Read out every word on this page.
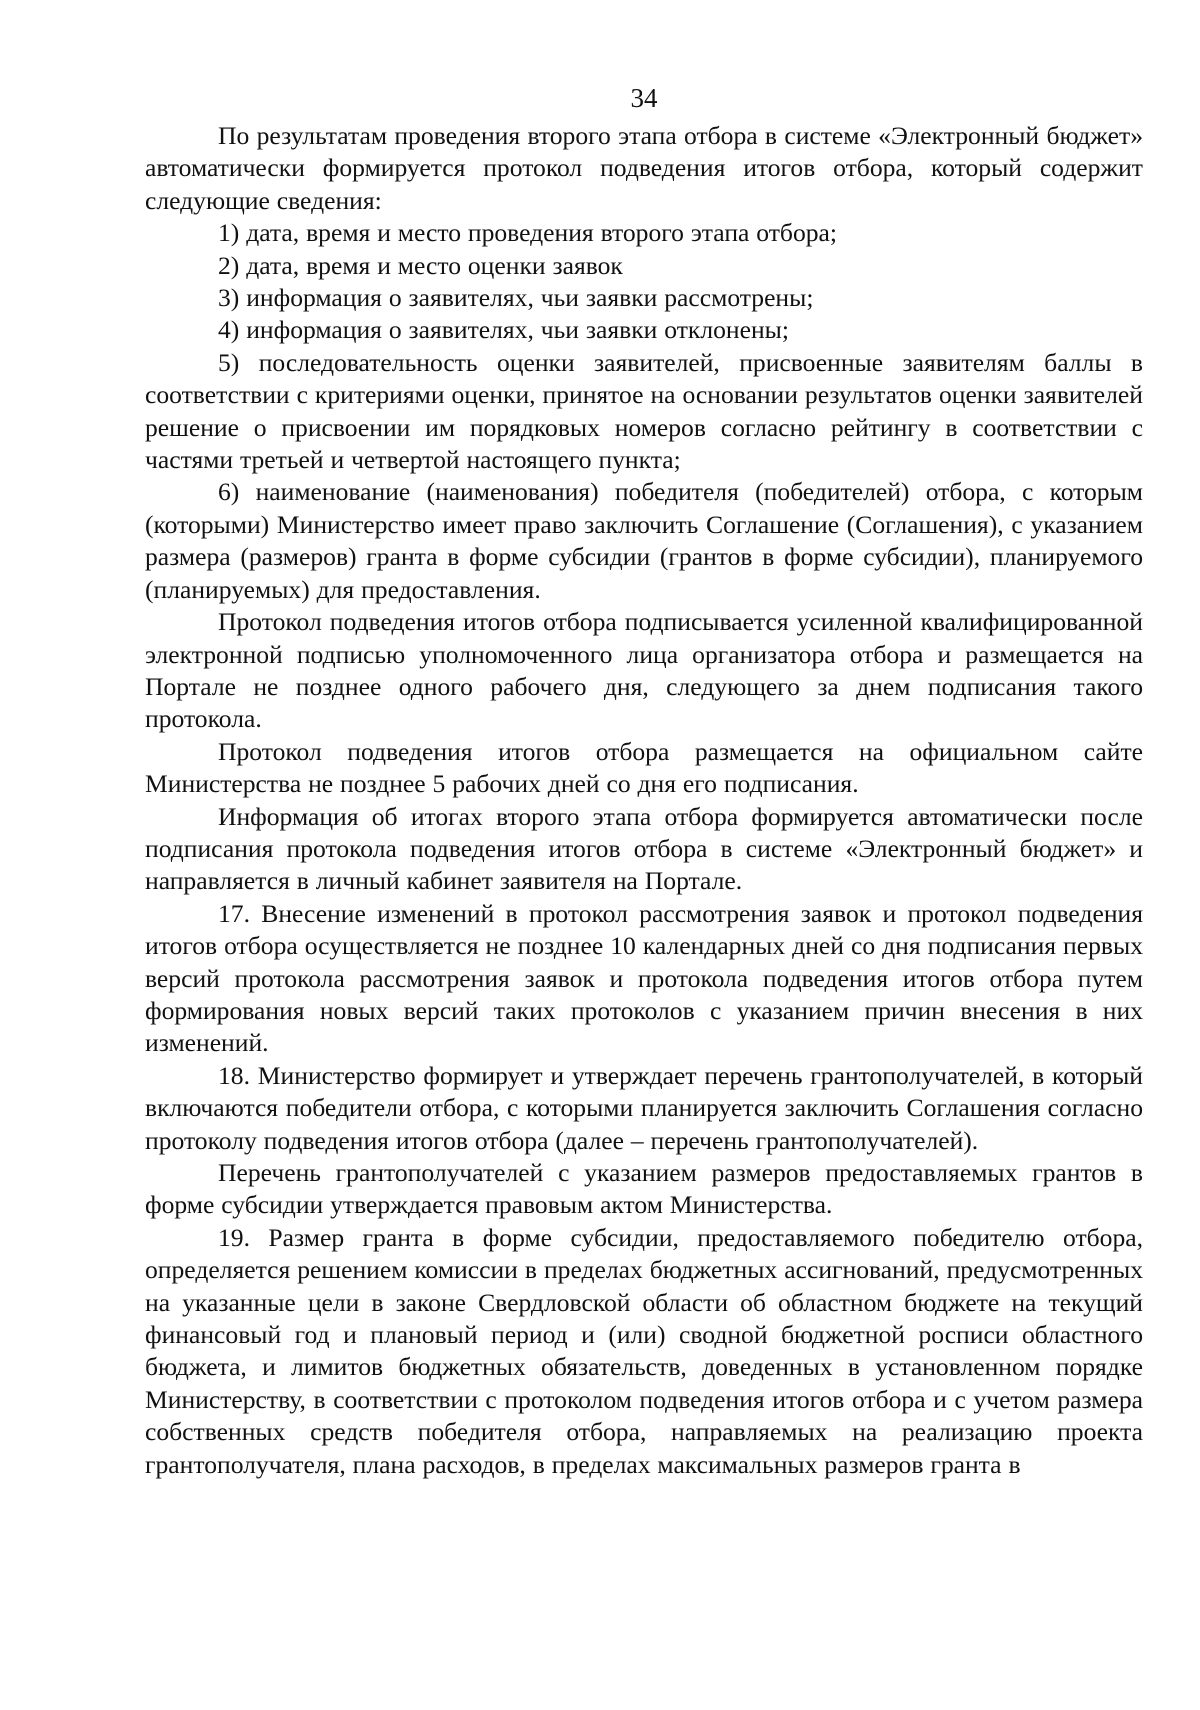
34

По результатам проведения второго этапа отбора в системе «Электронный бюджет» автоматически формируется протокол подведения итогов отбора, который содержит следующие сведения:

1) дата, время и место проведения второго этапа отбора;

2) дата, время и место оценки заявок

3) информация о заявителях, чьи заявки рассмотрены;

4) информация о заявителях, чьи заявки отклонены;

5) последовательность оценки заявителей, присвоенные заявителям баллы в соответствии с критериями оценки, принятое на основании результатов оценки заявителей решение о присвоении им порядковых номеров согласно рейтингу в соответствии с частями третьей и четвертой настоящего пункта;

6) наименование (наименования) победителя (победителей) отбора, с которым (которыми) Министерство имеет право заключить Соглашение (Соглашения), с указанием размера (размеров) гранта в форме субсидии (грантов в форме субсидии), планируемого (планируемых) для предоставления.

Протокол подведения итогов отбора подписывается усиленной квалифицированной электронной подписью уполномоченного лица организатора отбора и размещается на Портале не позднее одного рабочего дня, следующего за днем подписания такого протокола.

Протокол подведения итогов отбора размещается на официальном сайте Министерства не позднее 5 рабочих дней со дня его подписания.

Информация об итогах второго этапа отбора формируется автоматически после подписания протокола подведения итогов отбора в системе «Электронный бюджет» и направляется в личный кабинет заявителя на Портале.

17. Внесение изменений в протокол рассмотрения заявок и протокол подведения итогов отбора осуществляется не позднее 10 календарных дней со дня подписания первых версий протокола рассмотрения заявок и протокола подведения итогов отбора путем формирования новых версий таких протоколов с указанием причин внесения в них изменений.

18. Министерство формирует и утверждает перечень грантополучателей, в который включаются победители отбора, с которыми планируется заключить Соглашения согласно протоколу подведения итогов отбора (далее – перечень грантополучателей).

Перечень грантополучателей с указанием размеров предоставляемых грантов в форме субсидии утверждается правовым актом Министерства.

19. Размер гранта в форме субсидии, предоставляемого победителю отбора, определяется решением комиссии в пределах бюджетных ассигнований, предусмотренных на указанные цели в законе Свердловской области об областном бюджете на текущий финансовый год и плановый период и (или) сводной бюджетной росписи областного бюджета, и лимитов бюджетных обязательств, доведенных в установленном порядке Министерству, в соответствии с протоколом подведения итогов отбора и с учетом размера собственных средств победителя отбора, направляемых на реализацию проекта грантополучателя, плана расходов, в пределах максимальных размеров гранта в
